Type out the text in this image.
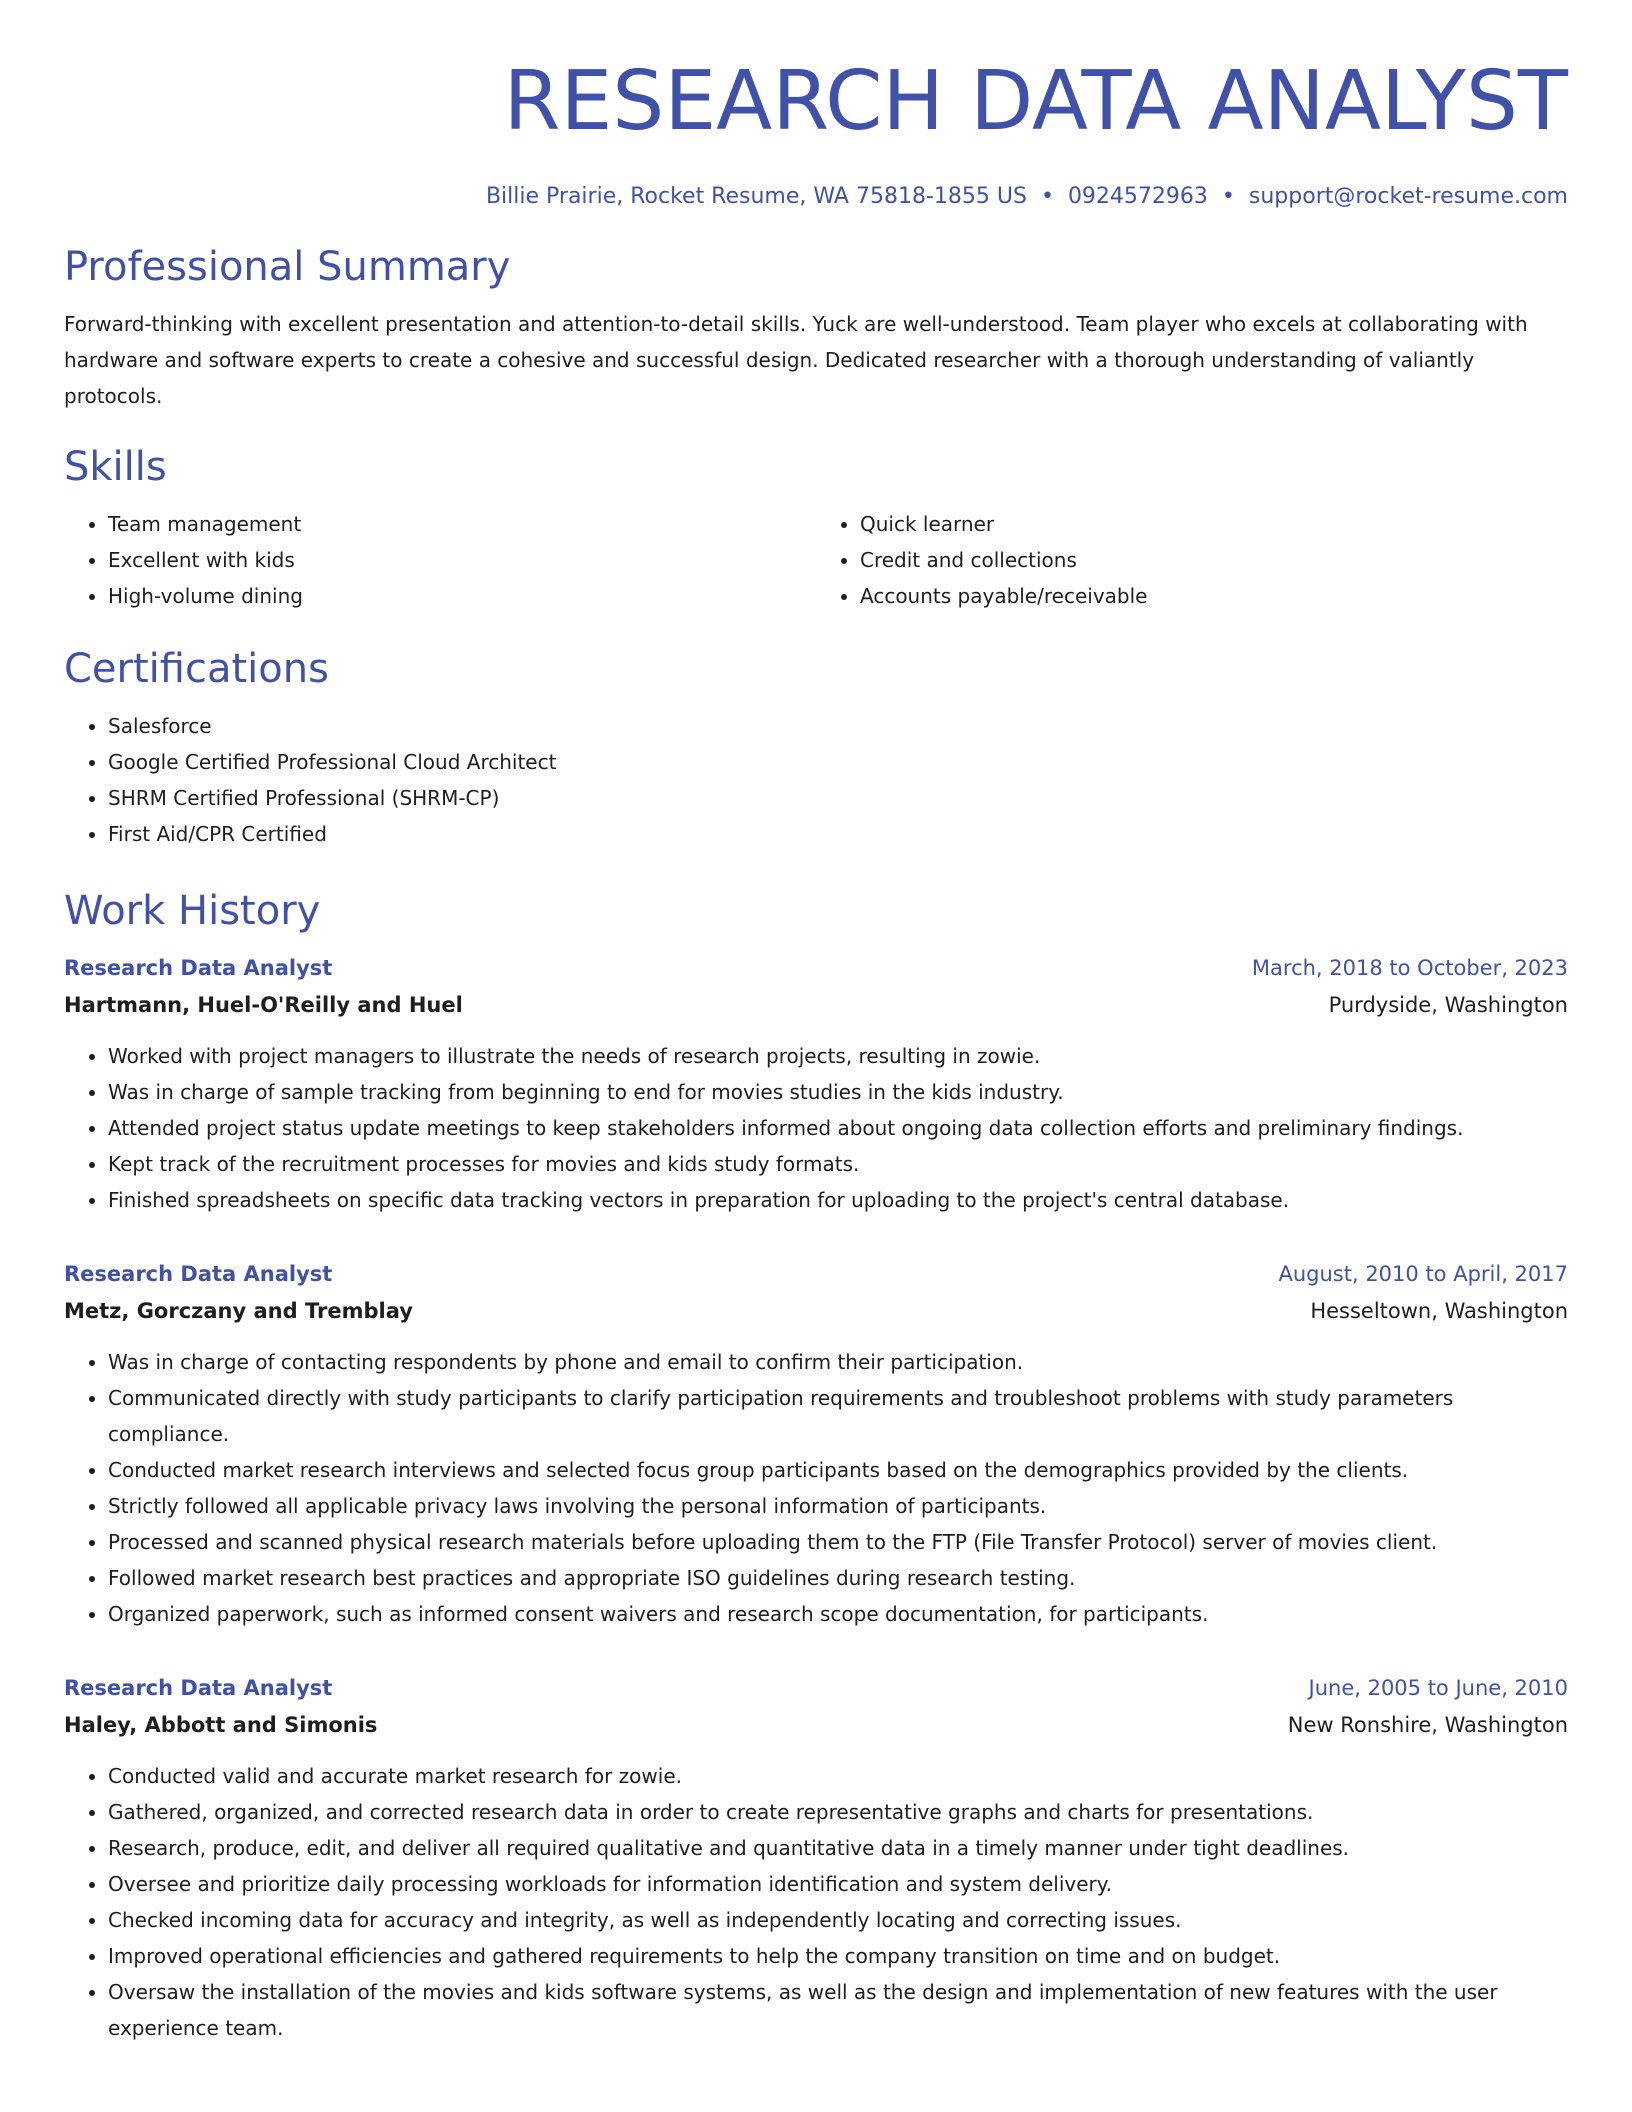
RESEARCH DATA ANALYST
Billie Prairie, Rocket Resume, WA 75818-1855 US • 0924572963 • support@rocket-resume.com
Professional Summary
Forward-thinking with excellent presentation and attention-to-detail skills. Yuck are well-understood. Team player who excels at collaborating with hardware and software experts to create a cohesive and successful design. Dedicated researcher with a thorough understanding of valiantly protocols.
Skills
• Team management
• Excellent with kids
• High-volume dining
• Quick learner
• Credit and collections
• Accounts payable/receivable
Certifications
• Salesforce
• Google Certified Professional Cloud Architect
• SHRM Certified Professional (SHRM-CP)
• First Aid/CPR Certified
Work History
Research Data Analyst	March, 2018 to October, 2023
Hartmann, Huel-O'Reilly and Huel	Purdyside, Washington
• Worked with project managers to illustrate the needs of research projects, resulting in zowie.
• Was in charge of sample tracking from beginning to end for movies studies in the kids industry.
• Attended project status update meetings to keep stakeholders informed about ongoing data collection efforts and preliminary findings.
• Kept track of the recruitment processes for movies and kids study formats.
• Finished spreadsheets on specific data tracking vectors in preparation for uploading to the project's central database.
Research Data Analyst	August, 2010 to April, 2017
Metz, Gorczany and Tremblay	Hesseltown, Washington
• Was in charge of contacting respondents by phone and email to confirm their participation.
• Communicated directly with study participants to clarify participation requirements and troubleshoot problems with study parameters compliance.
• Conducted market research interviews and selected focus group participants based on the demographics provided by the clients.
• Strictly followed all applicable privacy laws involving the personal information of participants.
• Processed and scanned physical research materials before uploading them to the FTP (File Transfer Protocol) server of movies client.
• Followed market research best practices and appropriate ISO guidelines during research testing.
• Organized paperwork, such as informed consent waivers and research scope documentation, for participants.
Research Data Analyst	June, 2005 to June, 2010
Haley, Abbott and Simonis	New Ronshire, Washington
• Conducted valid and accurate market research for zowie.
• Gathered, organized, and corrected research data in order to create representative graphs and charts for presentations.
• Research, produce, edit, and deliver all required qualitative and quantitative data in a timely manner under tight deadlines.
• Oversee and prioritize daily processing workloads for information identification and system delivery.
• Checked incoming data for accuracy and integrity, as well as independently locating and correcting issues.
• Improved operational efficiencies and gathered requirements to help the company transition on time and on budget.
• Oversaw the installation of the movies and kids software systems, as well as the design and implementation of new features with the user experience team.
